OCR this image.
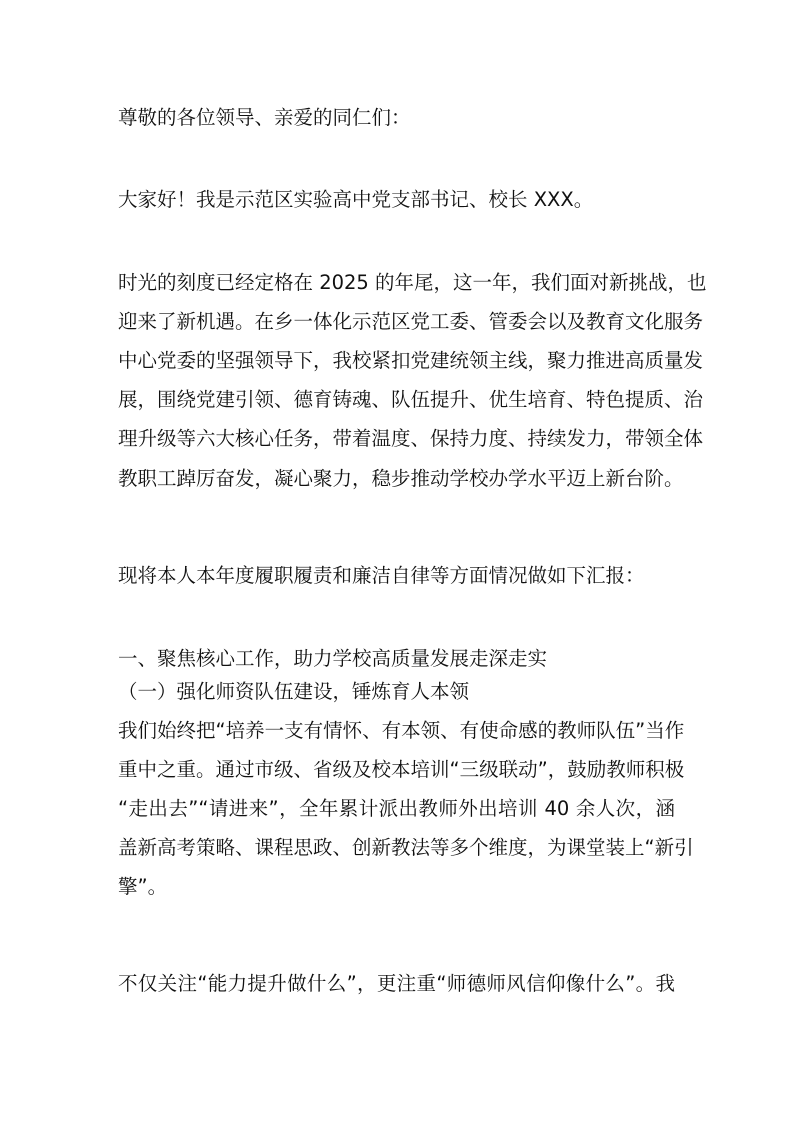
尊敬的各位领导、亲爱的同仁们：
大家好！我是示范区实验高中党支部书记、校长 XXX。
时光的刻度已经定格在 2025 的年尾，这一年，我们面对新挑战，也
迎来了新机遇。在乡一体化示范区党工委、管委会以及教育文化服务
中心党委的坚强领导下，我校紧扣党建统领主线，聚力推进高质量发
展，围绕党建引领、德育铸魂、队伍提升、优生培育、特色提质、治
理升级等六大核心任务，带着温度、保持力度、持续发力，带领全体
教职工踔厉奋发，凝心聚力，稳步推动学校办学水平迈上新台阶。
现将本人本年度履职履责和廉洁自律等方面情况做如下汇报：
一、聚焦核心工作，助力学校高质量发展走深走实
（一）强化师资队伍建设，锤炼育人本领
我们始终把“培养一支有情怀、有本领、有使命感的教师队伍”当作
重中之重。通过市级、省级及校本培训“三级联动”，鼓励教师积极
“走出去”“请进来”，全年累计派出教师外出培训 40 余人次，涵
盖新高考策略、课程思政、创新教法等多个维度，为课堂装上“新引
擎”。
不仅关注“能力提升做什么”，更注重“师德师风信仰像什么”。我
